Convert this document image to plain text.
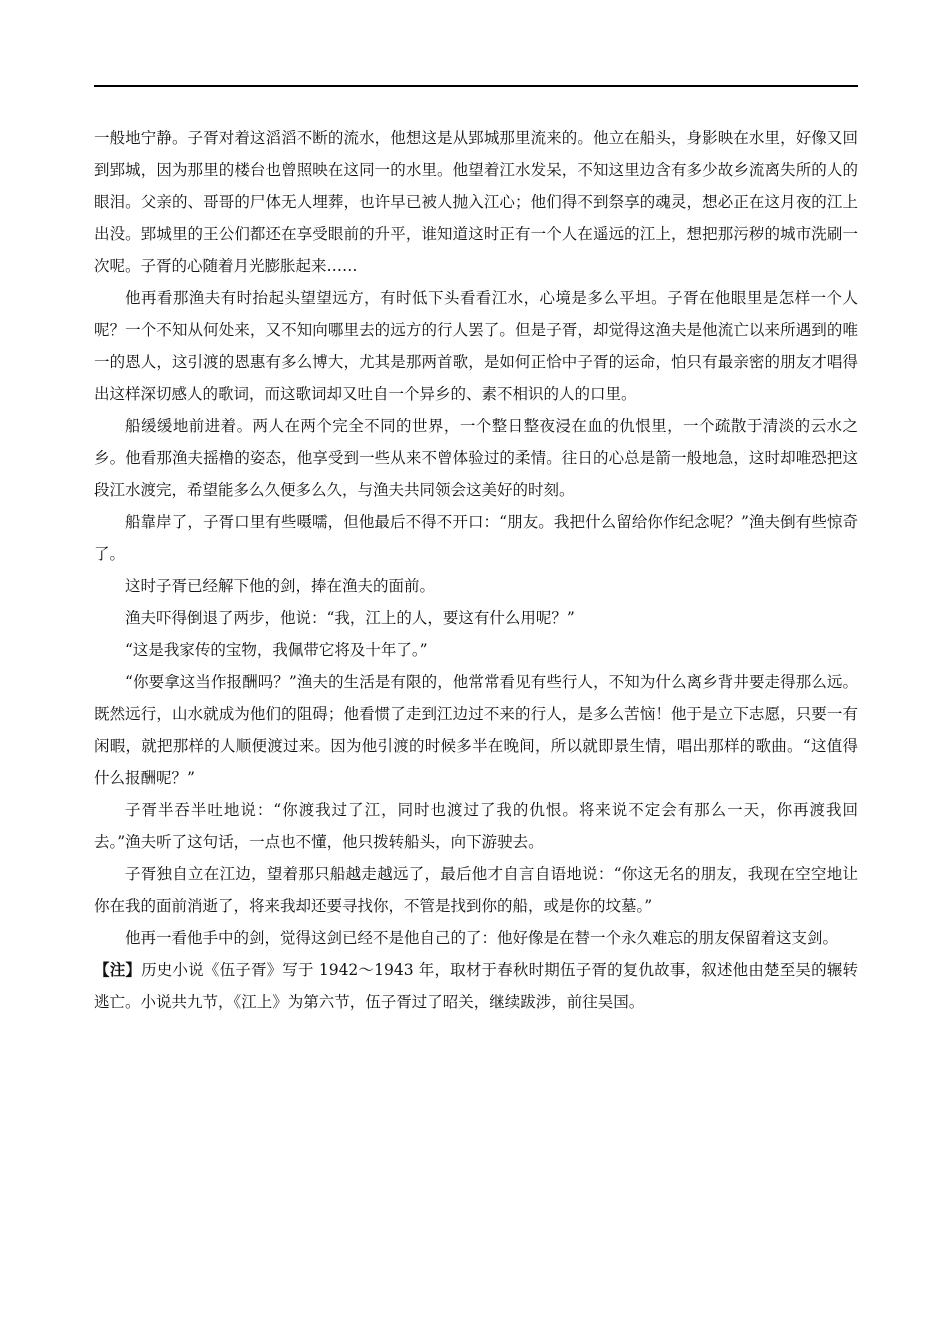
一般地宁静。子胥对着这滔滔不断的流水，他想这是从郢城那里流来的。他立在船头，身影映在水里，好像又回到郢城，因为那里的楼台也曾照映在这同一的水里。他望着江水发呆，不知这里边含有多少故乡流离失所的人的眼泪。父亲的、哥哥的尸体无人埋葬，也许早已被人抛入江心；他们得不到祭享的魂灵，想必正在这月夜的江上出没。郢城里的王公们都还在享受眼前的升平，谁知道这时正有一个人在遥远的江上，想把那污秽的城市洗刷一次呢。子胥的心随着月光膨胀起来……

他再看那渔夫有时抬起头望望远方，有时低下头看看江水，心境是多么平坦。子胥在他眼里是怎样一个人呢？一个不知从何处来，又不知向哪里去的远方的行人罢了。但是子胥，却觉得这渔夫是他流亡以来所遇到的唯一的恩人，这引渡的恩惠有多么博大，尤其是那两首歌，是如何正恰中子胥的运命，怕只有最亲密的朋友才唱得出这样深切感人的歌词，而这歌词却又吐自一个异乡的、素不相识的人的口里。

船缓缓地前进着。两人在两个完全不同的世界，一个整日整夜浸在血的仇恨里，一个疏散于清淡的云水之乡。他看那渔夫摇橹的姿态，他享受到一些从来不曾体验过的柔情。往日的心总是箭一般地急，这时却唯恐把这段江水渡完，希望能多么久便多么久，与渔夫共同领会这美好的时刻。

船靠岸了，子胥口里有些嗫嚅，但他最后不得不开口：“朋友。我把什么留给你作纪念呢？”渔夫倒有些惊奇了。

这时子胥已经解下他的剑，捧在渔夫的面前。

渔夫吓得倒退了两步，他说：“我，江上的人，要这有什么用呢？”

“这是我家传的宝物，我佩带它将及十年了。”

“你要拿这当作报酬吗？”渔夫的生活是有限的，他常常看见有些行人，不知为什么离乡背井要走得那么远。既然远行，山水就成为他们的阻碍；他看惯了走到江边过不来的行人，是多么苦恼！他于是立下志愿，只要一有闲暇，就把那样的人顺便渡过来。因为他引渡的时候多半在晚间，所以就即景生情，唱出那样的歌曲。“这值得什么报酬呢？”

子胥半吞半吐地说：“你渡我过了江，同时也渡过了我的仇恨。将来说不定会有那么一天，你再渡我回去。”渔夫听了这句话，一点也不懂，他只拨转船头，向下游驶去。

子胥独自立在江边，望着那只船越走越远了，最后他才自言自语地说：“你这无名的朋友，我现在空空地让你在我的面前消逝了，将来我却还要寻找你，不管是找到你的船，或是你的坟墓。”

他再一看他手中的剑，觉得这剑已经不是他自己的了：他好像是在替一个永久难忘的朋友保留着这支剑。

【注】历史小说《伍子胥》写于 1942～1943 年，取材于春秋时期伍子胥的复仇故事，叙述他由楚至吴的辗转逃亡。小说共九节，《江上》为第六节，伍子胥过了昭关，继续跋涉，前往吴国。
